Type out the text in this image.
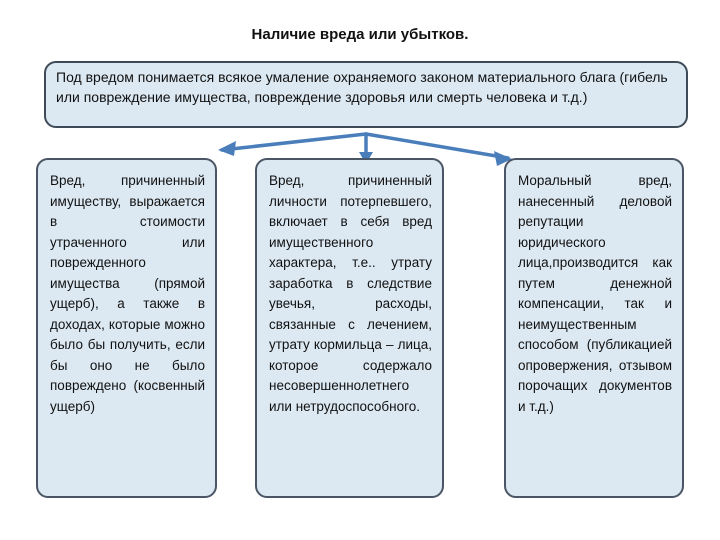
Наличие вреда или убытков.
Под вредом понимается всякое умаление охраняемого законом материального блага (гибель или повреждение имущества, повреждение здоровья или смерть человека и т.д.)
Вред, причиненный имуществу, выражается в стоимости утраченного или поврежденного имущества (прямой ущерб), а также в доходах, которые можно было бы получить, если бы оно не было повреждено (косвенный ущерб)
Вред, причиненный личности потерпевшего, включает в себя вред имущественного характера, т.е.. утрату заработка в следствие увечья, расходы, связанные с лечением, утрату кормильца – лица, которое содержало несовершеннолетнего или нетрудоспособного.
Моральный вред, нанесенный деловой репутации юридического лица,производится как путем денежной компенсации, так и неимущественным способом (публикацией опровержения, отзывом порочащих документов и т.д.)
